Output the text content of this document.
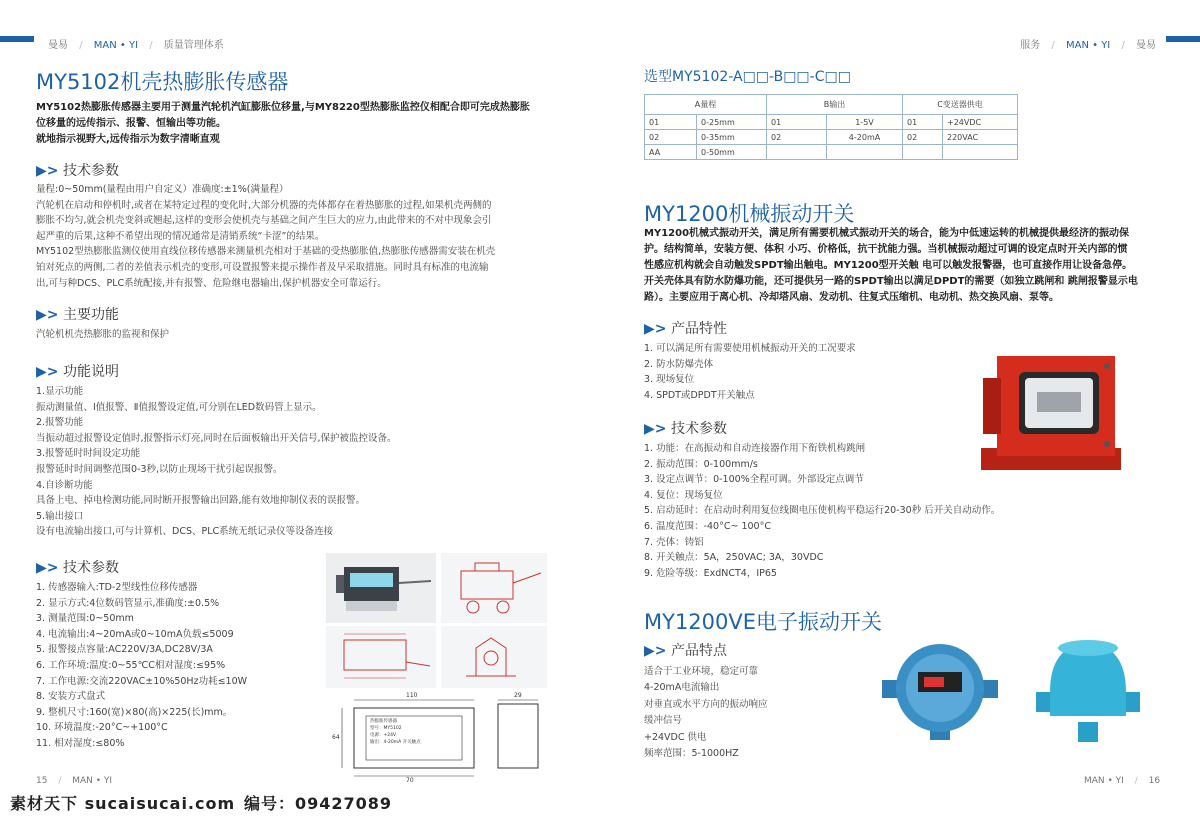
曼易 / MAN • YI / 质量管理体系	服务 / MAN • YI / 曼易
MY5102机壳热膨胀传感器

MY5102热膨胀传感器主要用于测量汽轮机汽缸膨胀位移量,与MY8220型热膨胀监控仪相配合即可完成热膨胀

位移量的远传指示、报警、恒输出等功能。

就地指示视野大,远传指示为数字清晰直观

▶> 技术参数

量程:0~50mm(量程由用户自定义）准确度:±1%(满量程）

汽轮机在启动和停机时,或者在某特定过程的变化时,大部分机器的壳体都存在着热膨胀的过程,如果机壳两侧的

膨胀不均匀,就会机壳变斜或翘起,这样的变形会使机壳与基础之间产生巨大的应力,由此带来的不对中现象会引

起严重的后果,这种不希望出现的情况通常是清销系统“卡涩”的结果。

MY5102型热膨胀监测仪使用直线位移传感器来测量机壳相对于基础的受热膨胀值,热膨胀传感器需安装在机壳

铂对死点的两侧,二者的差值表示机壳的变形,可设置报警来提示操作者及早采取措施。同时具有标准的电流输

出,可与种DCS、PLC系统配接,并有报警、危险继电器输出,保护机器安全可靠运行。

▶> 主要功能

汽轮机机壳热膨胀的监视和保护

▶> 功能说明

1.显示功能

振动测量值、Ⅰ值报警、Ⅱ值报警设定值,可分别在LED数码管上显示。

2.报警功能

当振动超过报警设定值时,报警指示灯亮,同时在后面板输出开关信号,保护被监控设备。

3.报警延时时间设定功能

报警延时时间调整范围0-3秒,以防止现场干扰引起误报警。

4.自诊断功能

具备上电、掉电检测功能,同时断开报警输出回路,能有效地抑制仪表的误报警。

5.输出接口

设有电流输出接口,可与计算机、DCS、PLC系统无纸记录仪等设备连接

▶> 技术参数

1. 传感器输入:TD-2型线性位移传感器

2. 显示方式:4位数码管显示,准确度:±0.5%

3. 测量范围:0~50mm

4. 电流输出:4~20mA或0~10mA负载≤5009

5. 报警接点容量:AC220V/3A,DC28V/3A

6. 工作环境:温度:0~55℃C相对湿度:≤95%

7. 工作电源:交流220VAC±10%50Hz功耗≤10W

8. 安装方式盘式

9. 整机尺寸:160(宽)×80(高)×225(长)mm。

10. 环境温度:-20°C~+100°C

11. 相对湿度:≤80%

110	29
70
64

热膨胀传感器

型号：MY5102

电源：+24V

输出：4-20mA 开关触点

15 / MAN • YI
选型MY5102-A□□-B□□-C□□
A量程		B输出		C变送器供电	
01	0-25mm	01	1-5V	01	+24VDC
02	0-35mm	02	4-20mA	02	220VAC
AA	0-50mm				
MY1200机械振动开关

MY1200机械式振动开关，满足所有需要机械式振动开关的场合，能为中低速运转的机械提供最经济的振动保

护。结构简单，安装方便、体积 小巧、价格低，抗干扰能力强。当机械振动超过可调的设定点时开关内部的惯

性感应机构就会自动触发SPDT输出触电。MY1200型开关触 电可以触发报警器，也可直接作用让设备急停。

开关壳体具有防水防爆功能，还可提供另一路的SPDT输出以满足DPDT的需要（如独立跳闸和 跳闸报警显示电

路）。主要应用于离心机、冷却塔风扇、发动机、往复式压缩机、电动机、热交换风扇、泵等。

▶> 产品特性

1. 可以满足所有需要使用机械振动开关的工况要求

2. 防水防爆壳体

3. 现场复位

4. SPDT或DPDT开关触点

▶> 技术参数

1. 功能：在高振动和自动连接器作用下衔铁机构跳闸

2. 振动范围：0-100mm/s

3. 设定点调节：0-100%全程可调。外部设定点调节

4. 复位：现场复位

5. 启动延时：在启动时利用复位线圈电压使机构平稳运行20-30秒 后开关自动动作。

6. 温度范围：-40°C~ 100°C

7. 壳体：铸铝

8. 开关触点：5A，250VAC; 3A，30VDC

9. 危险等级：ExdNCT4，IP65

MY1200VE电子振动开关
▶> 产品特点

适合于工业环境，稳定可靠

4-20mA电流输出

对垂直或水平方向的振动响应

缓冲信号

+24VDC 供电

频率范围：5-1000HZ

MAN • YI / 16
素材天下 sucaisucai.com 编号：09427089
